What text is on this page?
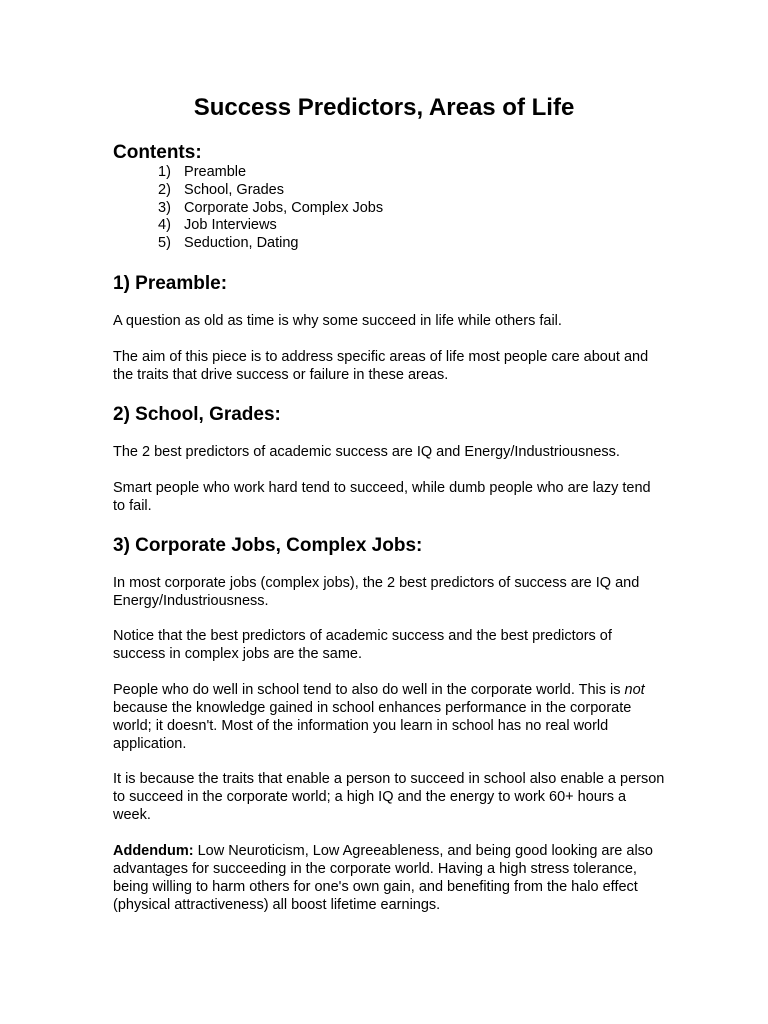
Success Predictors, Areas of Life
Contents:
1) Preamble
2) School, Grades
3) Corporate Jobs, Complex Jobs
4) Job Interviews
5) Seduction, Dating
1) Preamble:

A question as old as time is why some succeed in life while others fail.

The aim of this piece is to address specific areas of life most people care about and the traits that drive success or failure in these areas.

2) School, Grades:

The 2 best predictors of academic success are IQ and Energy/Industriousness.

Smart people who work hard tend to succeed, while dumb people who are lazy tend to fail.

3) Corporate Jobs, Complex Jobs:

In most corporate jobs (complex jobs), the 2 best predictors of success are IQ and Energy/Industriousness.

Notice that the best predictors of academic success and the best predictors of success in complex jobs are the same.

People who do well in school tend to also do well in the corporate world. This is not because the knowledge gained in school enhances performance in the corporate world; it doesn't. Most of the information you learn in school has no real world application.

It is because the traits that enable a person to succeed in school also enable a person to succeed in the corporate world; a high IQ and the energy to work 60+ hours a week.

Addendum: Low Neuroticism, Low Agreeableness, and being good looking are also advantages for succeeding in the corporate world. Having a high stress tolerance, being willing to harm others for one's own gain, and benefiting from the halo effect (physical attractiveness) all boost lifetime earnings.
